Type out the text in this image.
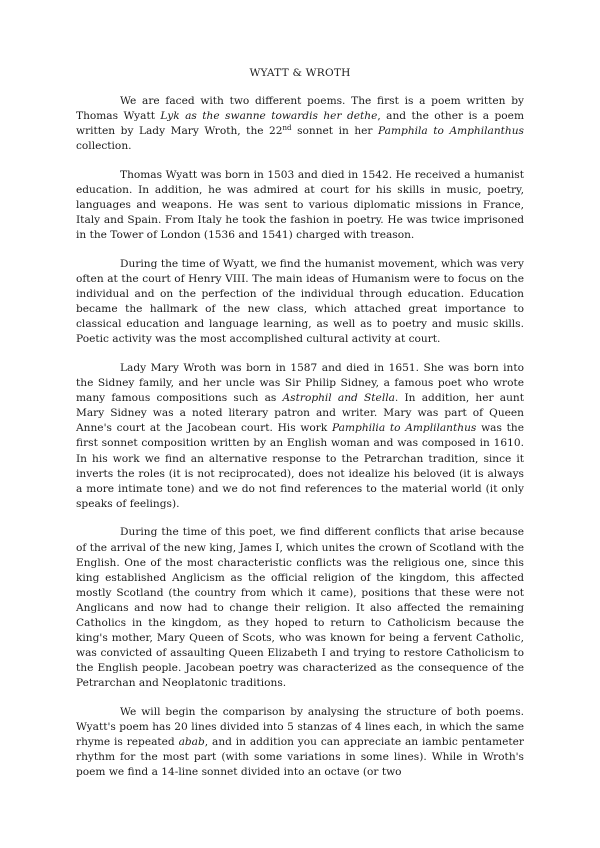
WYATT & WROTH

We are faced with two different poems. The first is a poem written by Thomas Wyatt Lyk as the swanne towardis her dethe, and the other is a poem written by Lady Mary Wroth, the 22nd sonnet in her Pamphila to Amphilanthus collection.

Thomas Wyatt was born in 1503 and died in 1542. He received a humanist education. In addition, he was admired at court for his skills in music, poetry, languages and weapons. He was sent to various diplomatic missions in France, Italy and Spain. From Italy he took the fashion in poetry. He was twice imprisoned in the Tower of London (1536 and 1541) charged with treason.

During the time of Wyatt, we find the humanist movement, which was very often at the court of Henry VIII. The main ideas of Humanism were to focus on the individual and on the perfection of the individual through education. Education became the hallmark of the new class, which attached great importance to classical education and language learning, as well as to poetry and music skills. Poetic activity was the most accomplished cultural activity at court.

Lady Mary Wroth was born in 1587 and died in 1651. She was born into the Sidney family, and her uncle was Sir Philip Sidney, a famous poet who wrote many famous compositions such as Astrophil and Stella. In addition, her aunt Mary Sidney was a noted literary patron and writer. Mary was part of Queen Anne's court at the Jacobean court. His work Pamphilia to Amplilanthus was the first sonnet composition written by an English woman and was composed in 1610. In his work we find an alternative response to the Petrarchan tradition, since it inverts the roles (it is not reciprocated), does not idealize his beloved (it is always a more intimate tone) and we do not find references to the material world (it only speaks of feelings).

During the time of this poet, we find different conflicts that arise because of the arrival of the new king, James I, which unites the crown of Scotland with the English. One of the most characteristic conflicts was the religious one, since this king established Anglicism as the official religion of the kingdom, this affected mostly Scotland (the country from which it came), positions that these were not Anglicans and now had to change their religion. It also affected the remaining Catholics in the kingdom, as they hoped to return to Catholicism because the king's mother, Mary Queen of Scots, who was known for being a fervent Catholic, was convicted of assaulting Queen Elizabeth I and trying to restore Catholicism to the English people. Jacobean poetry was characterized as the consequence of the Petrarchan and Neoplatonic traditions.

We will begin the comparison by analysing the structure of both poems. Wyatt's poem has 20 lines divided into 5 stanzas of 4 lines each, in which the same rhyme is repeated abab, and in addition you can appreciate an iambic pentameter rhythm for the most part (with some variations in some lines). While in Wroth's poem we find a 14-line sonnet divided into an octave (or two
